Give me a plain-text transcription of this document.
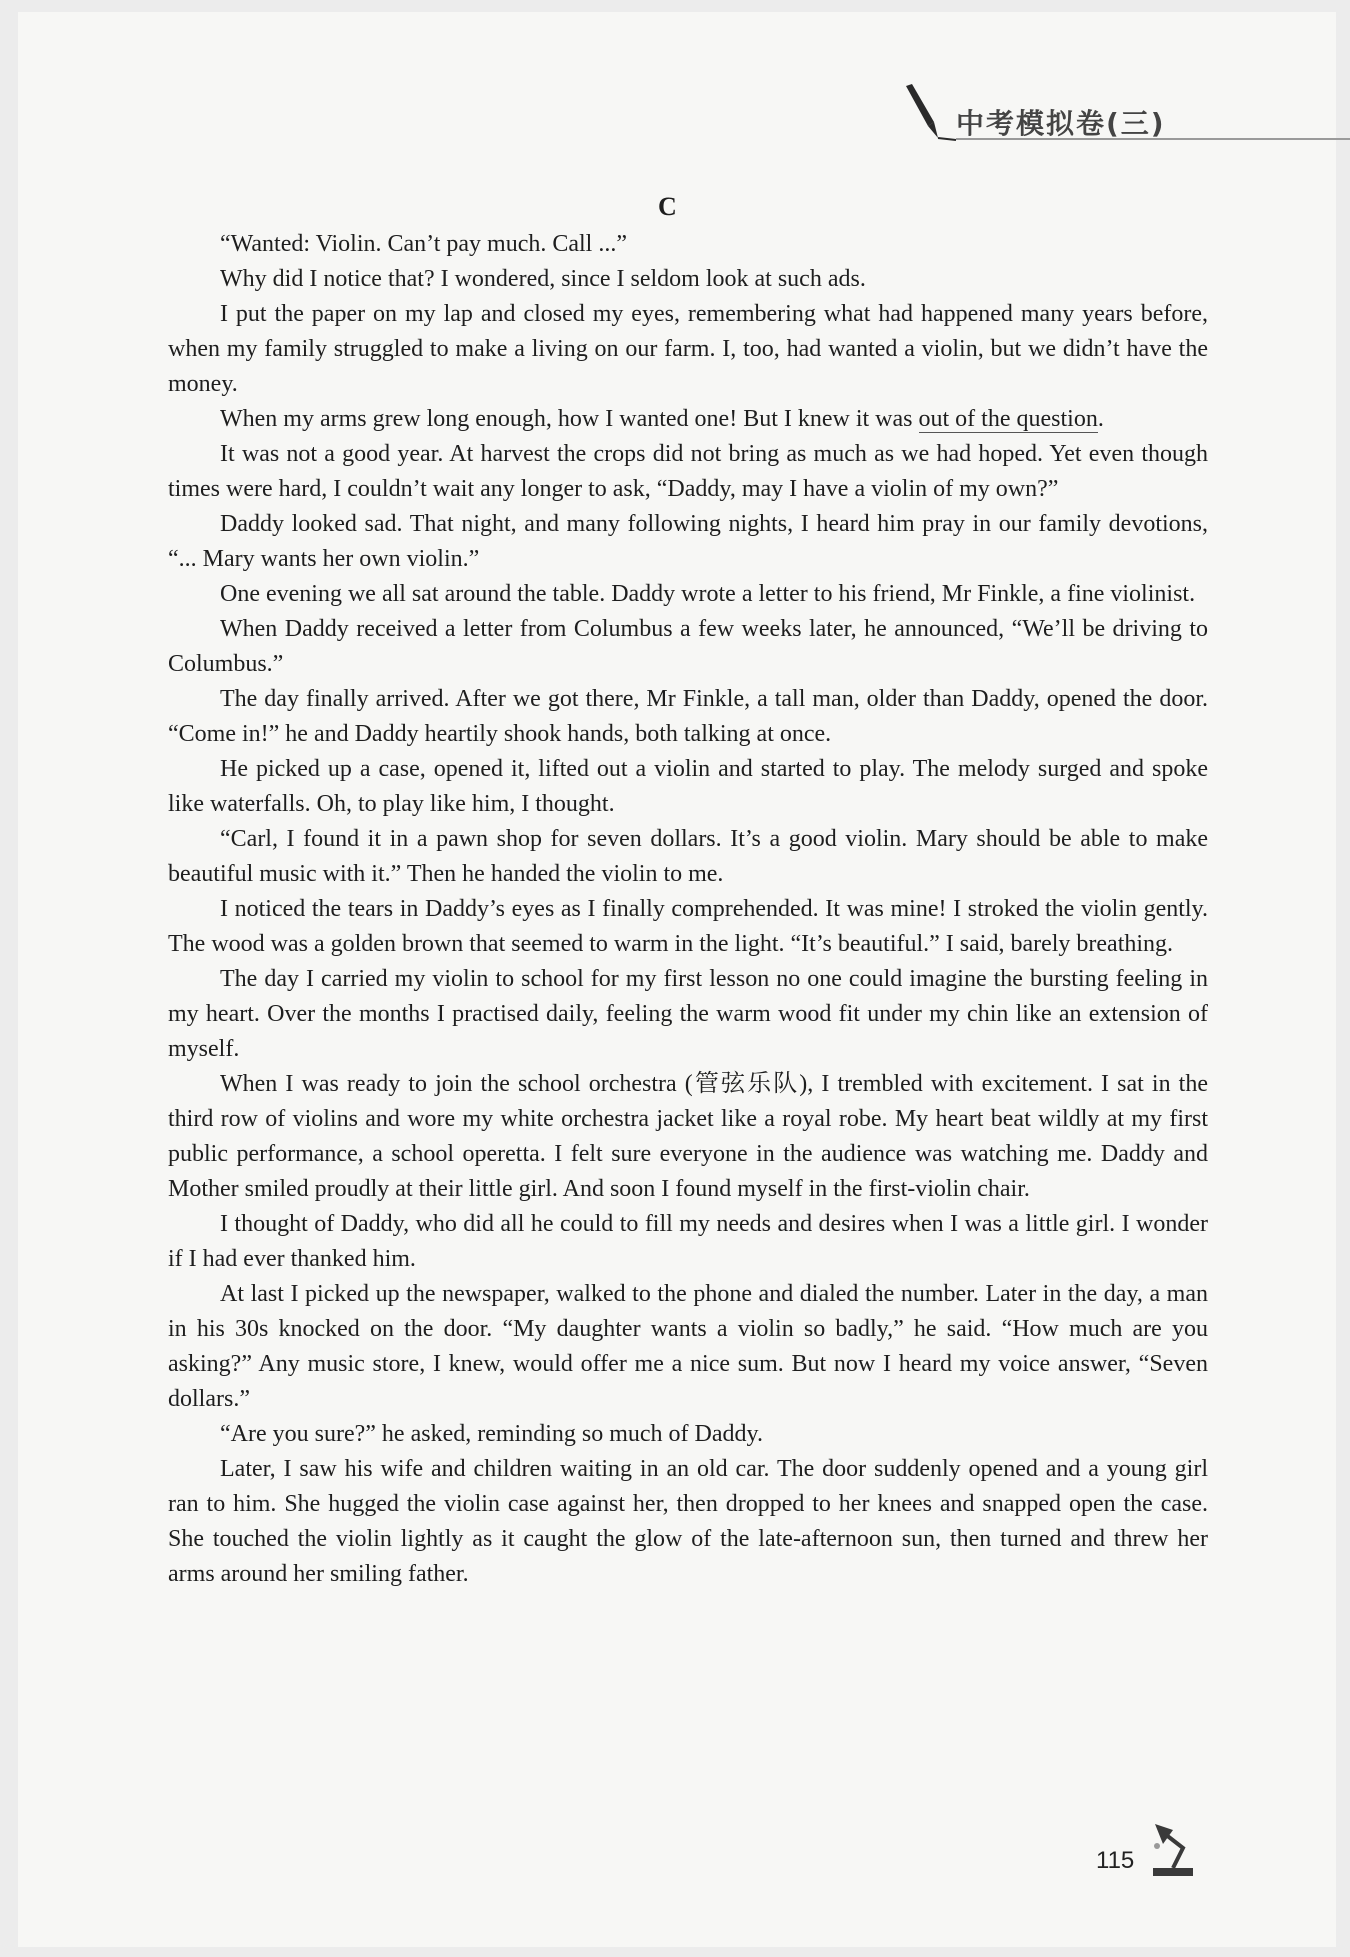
中考模拟卷(三)
C

“Wanted: Violin. Can’t pay much. Call ...”

Why did I notice that? I wondered, since I seldom look at such ads.

I put the paper on my lap and closed my eyes, remembering what had happened many years before, when my family struggled to make a living on our farm. I, too, had wanted a violin, but we didn’t have the money.

When my arms grew long enough, how I wanted one! But I knew it was out of the question.

It was not a good year. At harvest the crops did not bring as much as we had hoped. Yet even though times were hard, I couldn’t wait any longer to ask, “Daddy, may I have a violin of my own?”

Daddy looked sad. That night, and many following nights, I heard him pray in our family devotions, “... Mary wants her own violin.”

One evening we all sat around the table. Daddy wrote a letter to his friend, Mr Finkle, a fine violinist.

When Daddy received a letter from Columbus a few weeks later, he announced, “We’ll be driving to Columbus.”

The day finally arrived. After we got there, Mr Finkle, a tall man, older than Daddy, opened the door. “Come in!” he and Daddy heartily shook hands, both talking at once.

He picked up a case, opened it, lifted out a violin and started to play. The melody surged and spoke like waterfalls. Oh, to play like him, I thought.

“Carl, I found it in a pawn shop for seven dollars. It’s a good violin. Mary should be able to make beautiful music with it.” Then he handed the violin to me.

I noticed the tears in Daddy’s eyes as I finally comprehended. It was mine! I stroked the violin gently. The wood was a golden brown that seemed to warm in the light. “It’s beautiful.” I said, barely breathing.

The day I carried my violin to school for my first lesson no one could imagine the bursting feeling in my heart. Over the months I practised daily, feeling the warm wood fit under my chin like an extension of myself.

When I was ready to join the school orchestra (管弦乐队), I trembled with excitement. I sat in the third row of violins and wore my white orchestra jacket like a royal robe. My heart beat wildly at my first public performance, a school operetta. I felt sure everyone in the audience was watching me. Daddy and Mother smiled proudly at their little girl. And soon I found myself in the first-violin chair.

I thought of Daddy, who did all he could to fill my needs and desires when I was a little girl. I wonder if I had ever thanked him.

At last I picked up the newspaper, walked to the phone and dialed the number. Later in the day, a man in his 30s knocked on the door. “My daughter wants a violin so badly,” he said. “How much are you asking?” Any music store, I knew, would offer me a nice sum. But now I heard my voice answer, “Seven dollars.”

“Are you sure?” he asked, reminding so much of Daddy.

Later, I saw his wife and children waiting in an old car. The door suddenly opened and a young girl ran to him. She hugged the violin case against her, then dropped to her knees and snapped open the case. She touched the violin lightly as it caught the glow of the late-afternoon sun, then turned and threw her arms around her smiling father.

115
